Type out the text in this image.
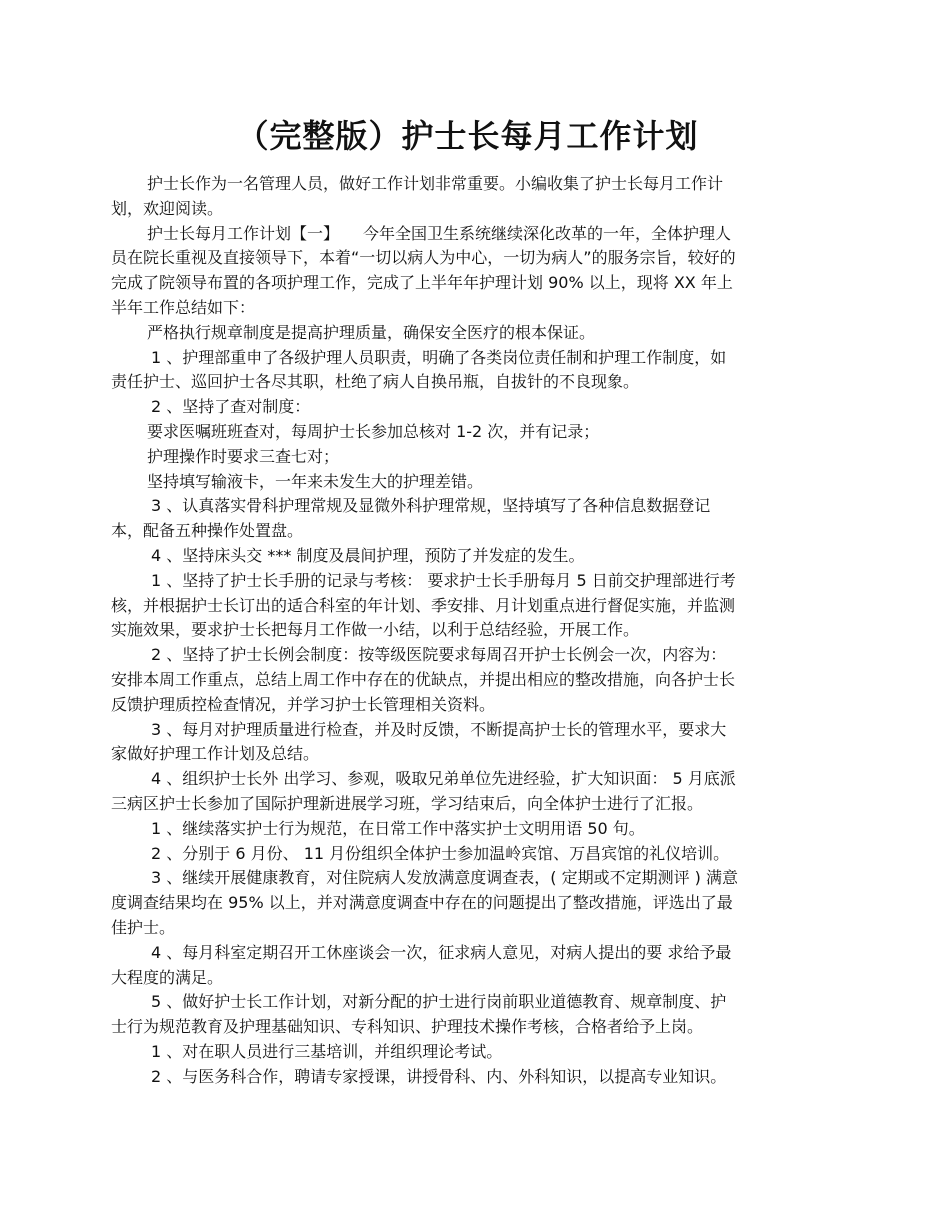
（完整版）护士长每月工作计划
护士长作为一名管理人员，做好工作计划非常重要。小编收集了护士长每月工作计
划，欢迎阅读。
护士长每月工作计划【一】　　今年全国卫生系统继续深化改革的一年，全体护理人
员在院长重视及直接领导下，本着“一切以病人为中心，一切为病人”的服务宗旨，较好的
完成了院领导布置的各项护理工作，完成了上半年年护理计划 90% 以上，现将 XX 年上
半年工作总结如下：
严格执行规章制度是提高护理质量，确保安全医疗的根本保证。
1 、护理部重申了各级护理人员职责，明确了各类岗位责任制和护理工作制度，如
责任护士、巡回护士各尽其职，杜绝了病人自换吊瓶，自拔针的不良现象。
2 、坚持了查对制度：
要求医嘱班班查对，每周护士长参加总核对 1-2 次，并有记录；
护理操作时要求三查七对；
坚持填写输液卡，一年来未发生大的护理差错。
3 、认真落实骨科护理常规及显微外科护理常规，坚持填写了各种信息数据登记
本，配备五种操作处置盘。
4 、坚持床头交 *** 制度及晨间护理，预防了并发症的发生。
1 、坚持了护士长手册的记录与考核： 要求护士长手册每月 5 日前交护理部进行考
核，并根据护士长订出的适合科室的年计划、季安排、月计划重点进行督促实施，并监测
实施效果，要求护士长把每月工作做一小结，以利于总结经验，开展工作。
2 、坚持了护士长例会制度：按等级医院要求每周召开护士长例会一次，内容为：
安排本周工作重点，总结上周工作中存在的优缺点，并提出相应的整改措施，向各护士长
反馈护理质控检查情况，并学习护士长管理相关资料。
3 、每月对护理质量进行检查，并及时反馈，不断提高护士长的管理水平，要求大
家做好护理工作计划及总结。
4 、组织护士长外 出学习、参观，吸取兄弟单位先进经验，扩大知识面： 5 月底派
三病区护士长参加了国际护理新进展学习班，学习结束后，向全体护士进行了汇报。
1 、继续落实护士行为规范，在日常工作中落实护士文明用语 50 句。
2 、分别于 6 月份、 11 月份组织全体护士参加温岭宾馆、万昌宾馆的礼仪培训。
3 、继续开展健康教育，对住院病人发放满意度调查表，( 定期或不定期测评 ) 满意
度调查结果均在 95% 以上，并对满意度调查中存在的问题提出了整改措施，评选出了最
佳护士。
4 、每月科室定期召开工休座谈会一次，征求病人意见，对病人提出的要 求给予最
大程度的满足。
5 、做好护士长工作计划，对新分配的护士进行岗前职业道德教育、规章制度、护
士行为规范教育及护理基础知识、专科知识、护理技术操作考核，合格者给予上岗。
1 、对在职人员进行三基培训，并组织理论考试。
2 、与医务科合作，聘请专家授课，讲授骨科、内、外科知识，以提高专业知识。
